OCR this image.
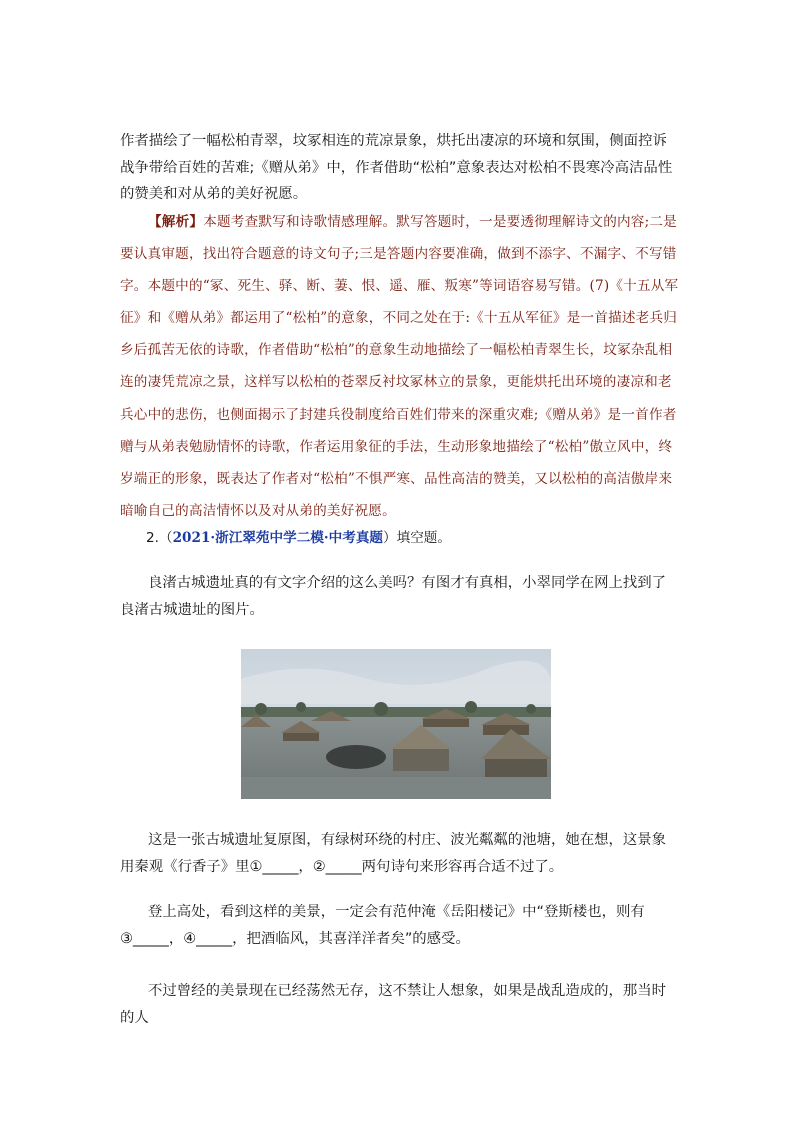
作者描绘了一幅松柏青翠，坟冢相连的荒凉景象，烘托出凄凉的环境和氛围，侧面控诉战争带给百姓的苦难;《赠从弟》中，作者借助“松柏”意象表达对松柏不畏寒冷高洁品性的赞美和对从弟的美好祝愿。

【解析】本题考查默写和诗歌情感理解。默写答题时，一是要透彻理解诗文的内容;二是要认真审题，找出符合题意的诗文句子;三是答题内容要准确，做到不添字、不漏字、不写错字。本题中的“冢、死生、驿、断、萋、恨、遥、雁、叛寒”等词语容易写错。(7)《十五从军征》和《赠从弟》都运用了“松柏”的意象，不同之处在于:《十五从军征》是一首描述老兵归乡后孤苦无依的诗歌，作者借助“松柏”的意象生动地描绘了一幅松柏青翠生长，坟冢杂乱相连的凄凭荒凉之景，这样写以松柏的苍翠反衬坟冢林立的景象，更能烘托出环境的凄凉和老兵心中的悲伤，也侧面揭示了封建兵役制度给百姓们带来的深重灾难;《赠从弟》是一首作者赠与从弟表勉励情怀的诗歌，作者运用象征的手法，生动形象地描绘了“松柏”傲立风中，终岁端正的形象，既表达了作者对“松柏”不惧严寒、品性高洁的赞美，又以松柏的高洁傲岸来暗喻自己的高洁情怀以及对从弟的美好祝愿。

2.（2021·浙江翠苑中学二模·中考真题）填空题。

良渚古城遗址真的有文字介绍的这么美吗？有图才有真相，小翠同学在网上找到了良渚古城遗址的图片。

这是一张古城遗址复原图，有绿树环绕的村庄、波光粼粼的池塘，她在想，这景象用秦观《行香子》里①_____，②_____两句诗句来形容再合适不过了。

登上高处，看到这样的美景，一定会有范仲淹《岳阳楼记》中“登斯楼也，则有③_____，④_____，把酒临风，其喜洋洋者矣”的感受。

不过曾经的美景现在已经荡然无存，这不禁让人想象，如果是战乱造成的，那当时的人
